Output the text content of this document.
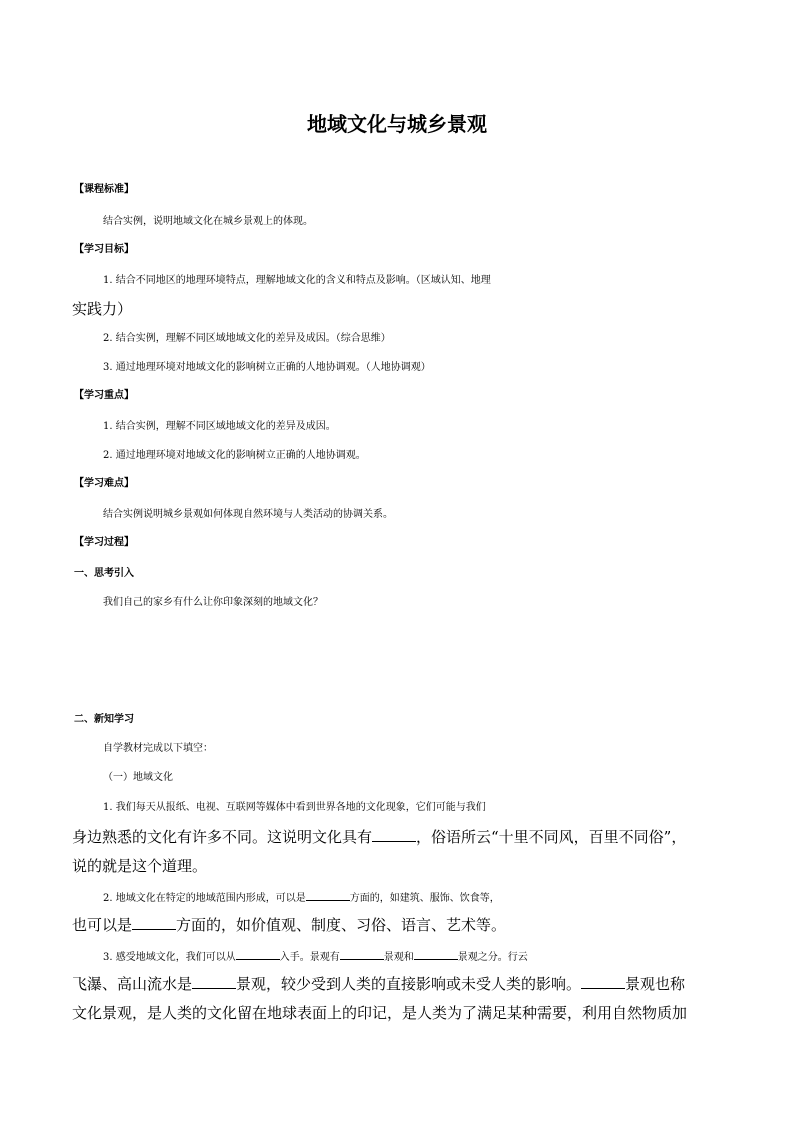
地域文化与城乡景观
【课程标准】
结合实例，说明地域文化在城乡景观上的体现。
【学习目标】
1. 结合不同地区的地理环境特点，理解地域文化的含义和特点及影响。（区域认知、地理
实践力）
2. 结合实例，理解不同区域地域文化的差异及成因。（综合思维）
3. 通过地理环境对地域文化的影响树立正确的人地协调观。（人地协调观）
【学习重点】
1. 结合实例，理解不同区域地域文化的差异及成因。
2. 通过地理环境对地域文化的影响树立正确的人地协调观。
【学习难点】
结合实例说明城乡景观如何体现自然环境与人类活动的协调关系。
【学习过程】
一、思考引入
我们自己的家乡有什么让你印象深刻的地域文化？
二、新知学习
自学教材完成以下填空：
（一）地域文化
1. 我们每天从报纸、电视、互联网等媒体中看到世界各地的文化现象，它们可能与我们
身边熟悉的文化有许多不同。这说明文化具有	，俗语所云“十里不同风，百里不同俗”，
说的就是这个道理。
2. 地域文化在特定的地域范围内形成，可以是	方面的，如建筑、服饰、饮食等，
也可以是	方面的，如价值观、制度、习俗、语言、艺术等。
3. 感受地域文化，我们可以从	入手。景观有	景观和	景观之分。行云
飞瀑、高山流水是	景观，较少受到人类的直接影响或未受人类的影响。	景观也称
文化景观，是人类的文化留在地球表面上的印记，是人类为了满足某种需要，利用自然物质加
